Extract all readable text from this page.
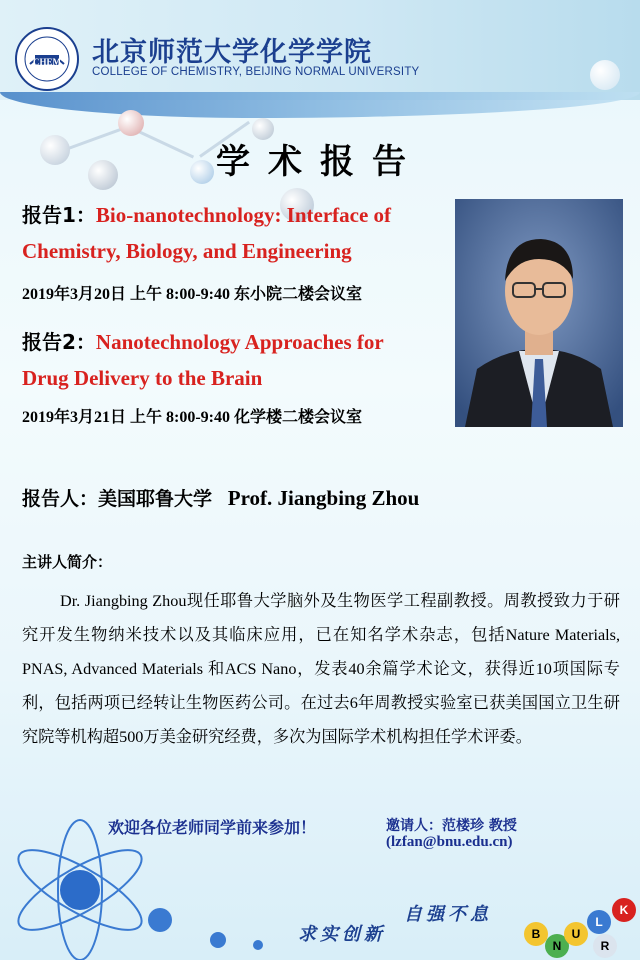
CHEM	北京师范大学化学学院
COLLEGE OF CHEMISTRY, BEIJING NORMAL UNIVERSITY
学术报告
报告1：Bio-nanotechnology: Interface of
Chemistry, Biology, and Engineering
2019年3月20日 上午 8:00-9:40 东小院二楼会议室
报告2：Nanotechnology Approaches for
Drug Delivery to the Brain
2019年3月21日 上午 8:00-9:40 化学楼二楼会议室
报告人：美国耶鲁大学 Prof. Jiangbing Zhou
主讲人简介：
Dr. Jiangbing Zhou现任耶鲁大学脑外及生物医学工程副教授。周教授致力于研究开发生物纳米技术以及其临床应用，已在知名学术杂志，包括Nature Materials, PNAS, Advanced Materials 和ACS Nano，发表40余篇学术论文，获得近10项国际专利，包括两项已经转让生物医药公司。在过去6年周教授实验室已获美国国立卫生研究院等机构超500万美金研究经费，多次为国际学术机构担任学术评委。
欢迎各位老师同学前来参加！	邀请人：范楼珍 教授
(lzfan@bnu.edu.cn)
自强不息
求实创新	B
N
U
L
R
K
